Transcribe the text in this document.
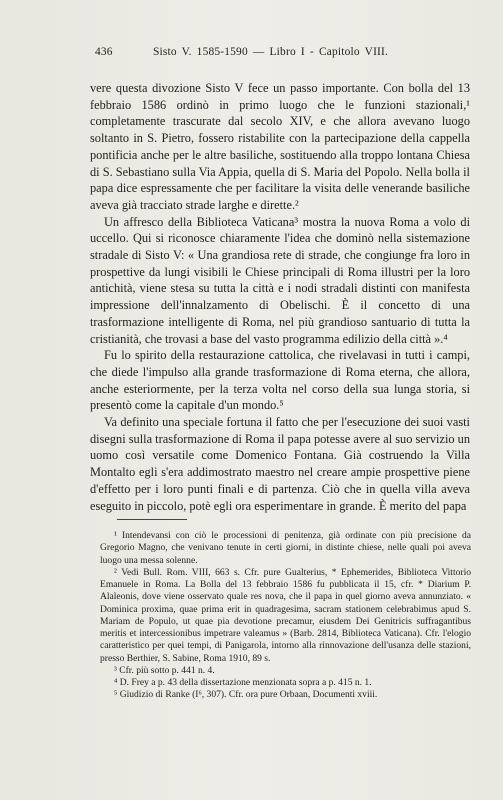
436	Sisto V. 1585-1590 — Libro I - Capitolo VIII.

vere questa divozione Sisto V fece un passo importante. Con bolla del 13 febbraio 1586 ordinò in primo luogo che le funzioni stazionali,¹ completamente trascurate dal secolo XIV, e che allora avevano luogo soltanto in S. Pietro, fossero ristabilite con la partecipazione della cappella pontificia anche per le altre basiliche, sostituendo alla troppo lontana Chiesa di S. Sebastiano sulla Via Appia, quella di S. Maria del Popolo. Nella bolla il papa dice espressamente che per facilitare la visita delle venerande basiliche aveva già tracciato strade larghe e dirette.²

Un affresco della Biblioteca Vaticana³ mostra la nuova Roma a volo di uccello. Qui si riconosce chiaramente l'idea che dominò nella sistemazione stradale di Sisto V: « Una grandiosa rete di strade, che congiunge fra loro in prospettive da lungi visibili le Chiese principali di Roma illustri per la loro antichità, viene stesa su tutta la città e i nodi stradali distinti con manifesta impressione dell'innalzamento di Obelischi. È il concetto di una trasformazione intelligente di Roma, nel più grandioso santuario di tutta la cristianità, che trovasi a base del vasto programma edilizio della città ».⁴

Fu lo spirito della restaurazione cattolica, che rivelavasi in tutti i campi, che diede l'impulso alla grande trasformazione di Roma eterna, che allora, anche esteriormente, per la terza volta nel corso della sua lunga storia, si presentò come la capitale d'un mondo.⁵

Va definito una speciale fortuna il fatto che per l'esecuzione dei suoi vasti disegni sulla trasformazione di Roma il papa potesse avere al suo servizio un uomo così versatile come Domenico Fontana. Già costruendo la Villa Montalto egli s'era addimostrato maestro nel creare ampie prospettive piene d'effetto per i loro punti finali e di partenza. Ciò che in quella villa aveva eseguito in piccolo, potè egli ora esperimentare in grande. È merito del papa

¹ Intendevansi con ciò le processioni di penitenza, già ordinate con più precisione da Gregorio Magno, che venivano tenute in certi giorni, in distinte chiese, nelle quali poi aveva luogo una messa solenne.

² Vedi Bull. Rom. VIII, 663 s. Cfr. pure Gualterius, * Ephemerides, Biblioteca Vittorio Emanuele in Roma. La Bolla del 13 febbraio 1586 fu pubblicata il 15, cfr. * Diarium P. Alaleonis, dove viene osservato quale res nova, che il papa in quel giorno aveva annunziato. « Dominica proxima, quae prima erit in quadragesima, sacram stationem celebrabimus apud S. Mariam de Populo, ut quae pia devotione precamur, eiusdem Dei Genitricis suffragantibus meritis et intercessionibus impetrare valeamus » (Barb. 2814, Biblioteca Vaticana). Cfr. l'elogio caratteristico per quei tempi, di Panigarola, intorno alla rinnovazione dell'usanza delle stazioni, presso Berthier, S. Sabine, Roma 1910, 89 s.

³ Cfr. più sotto p. 441 n. 4.

⁴ D. Frey a p. 43 della dissertazione menzionata sopra a p. 415 n. 1.

⁵ Giudizio di Ranke (I⁶, 307). Cfr. ora pure Orbaan, Documenti xviii.
